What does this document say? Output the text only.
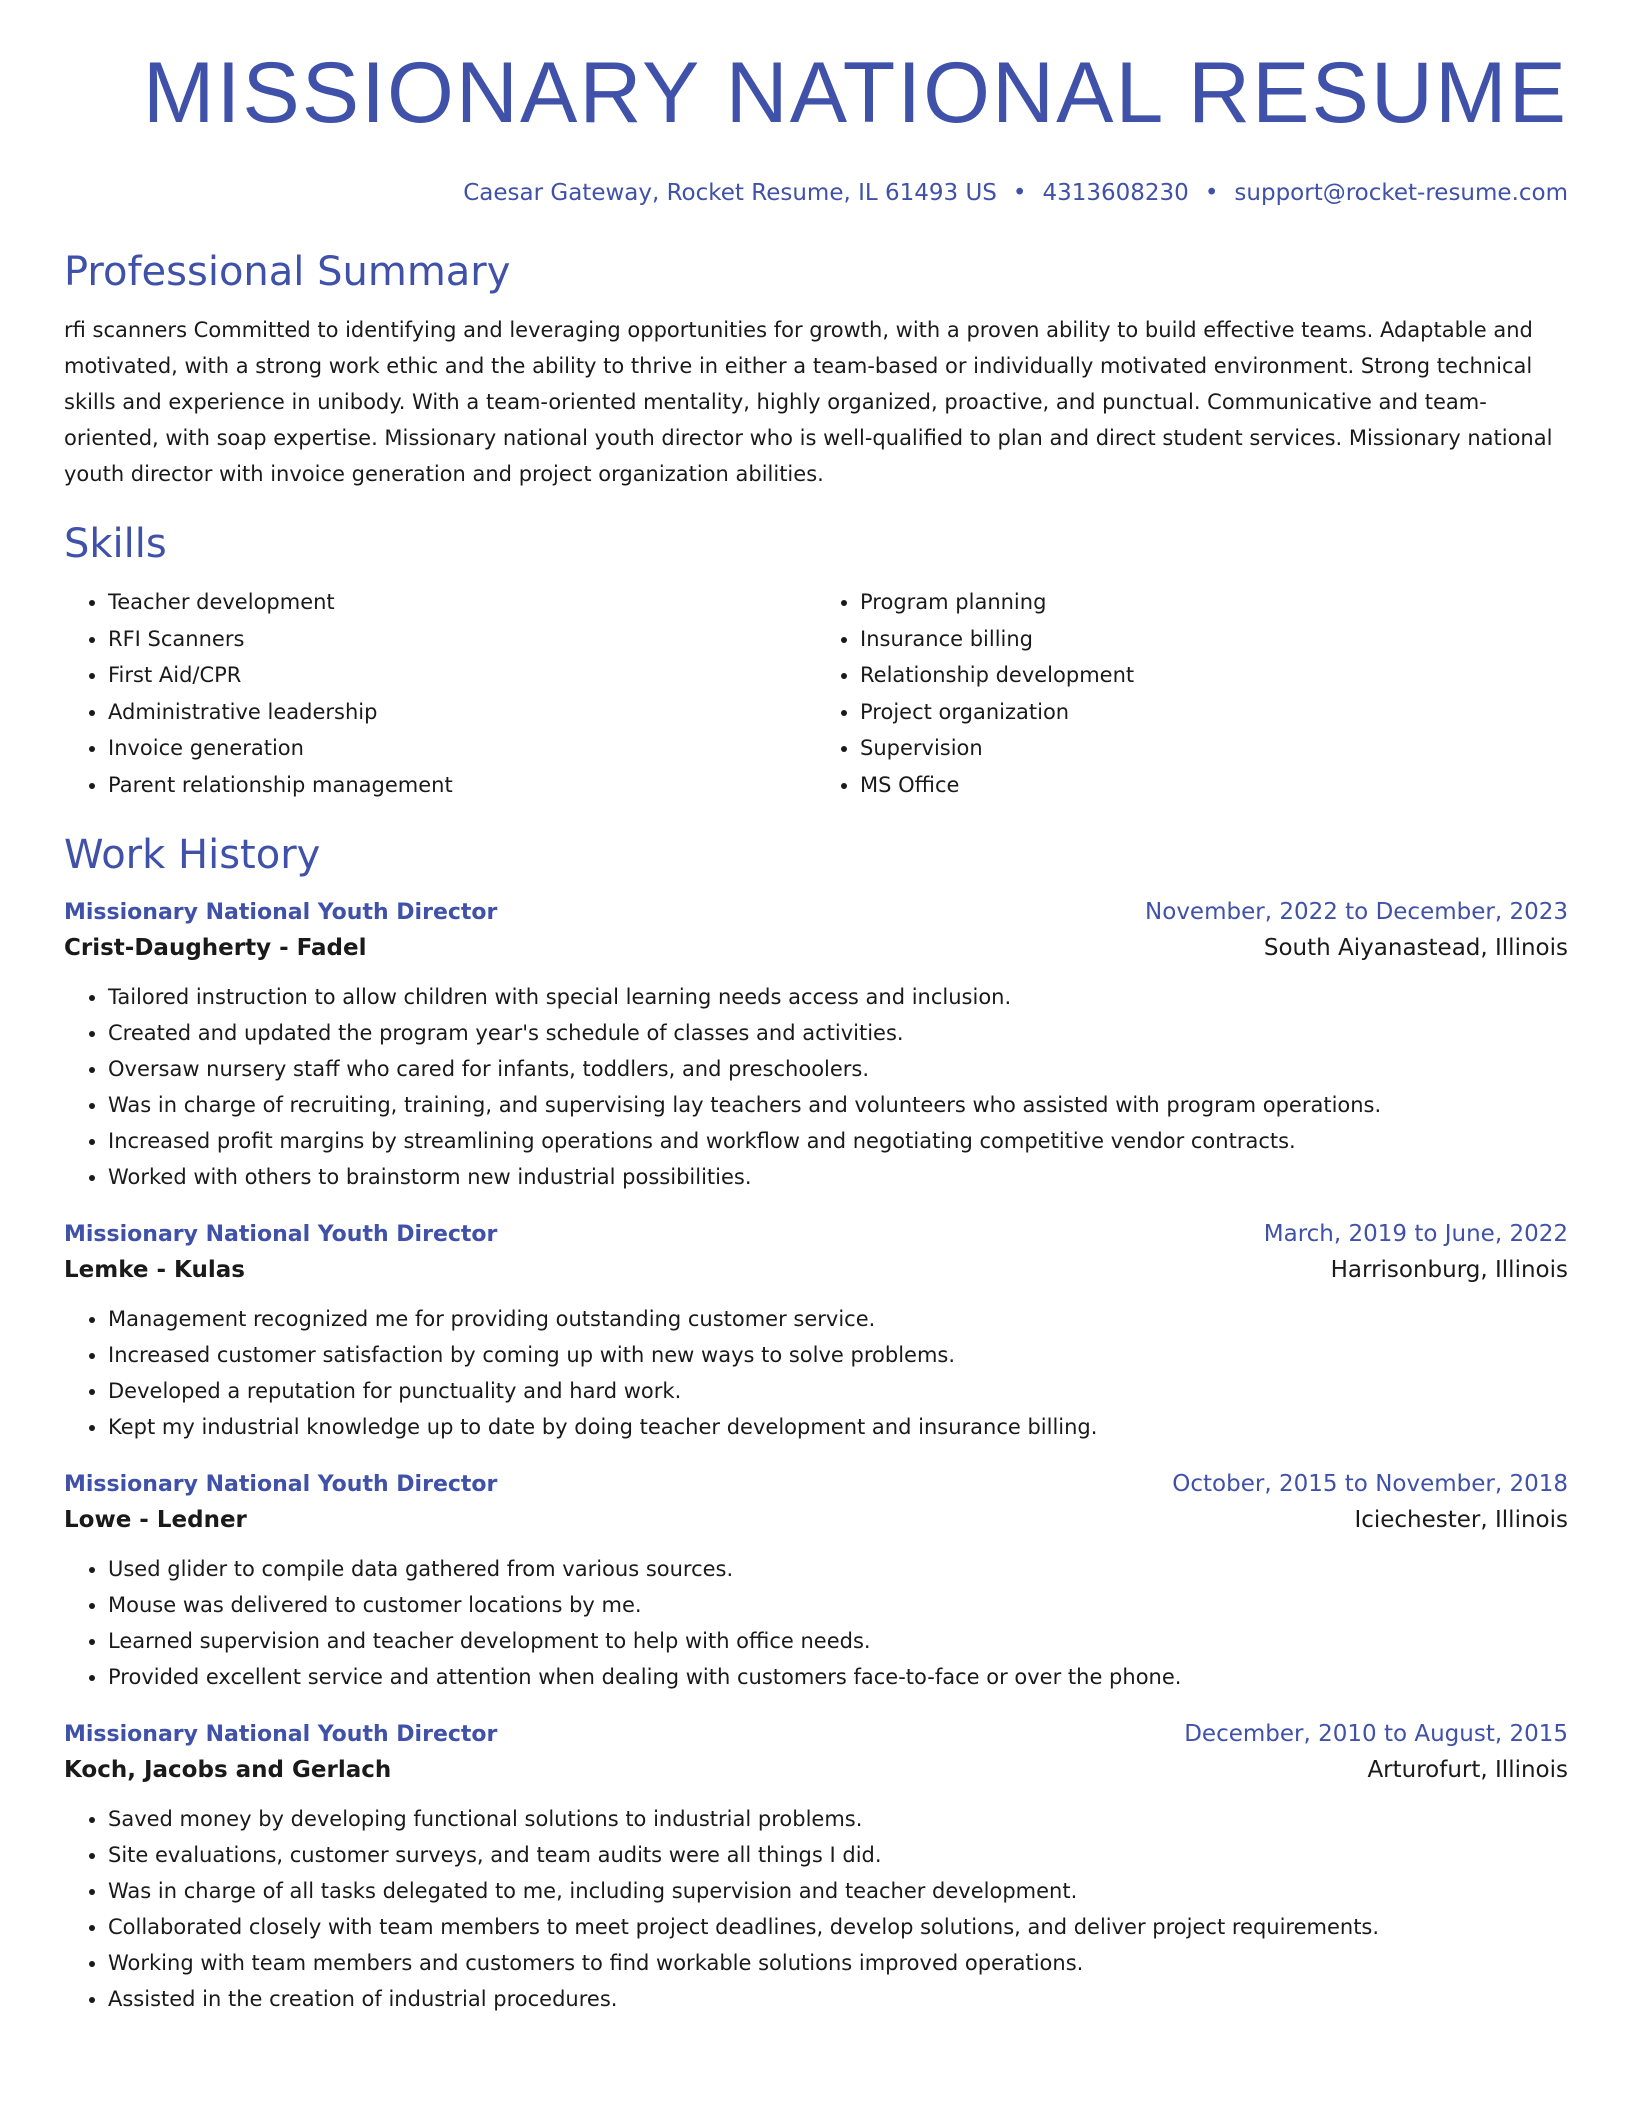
MISSIONARY NATIONAL RESUME
Caesar Gateway, Rocket Resume, IL 61493 US • 4313608230 • support@rocket-resume.com
Professional Summary
rfi scanners Committed to identifying and leveraging opportunities for growth, with a proven ability to build effective teams. Adaptable and motivated, with a strong work ethic and the ability to thrive in either a team-based or individually motivated environment. Strong technical skills and experience in unibody. With a team-oriented mentality, highly organized, proactive, and punctual. Communicative and team-oriented, with soap expertise. Missionary national youth director who is well-qualified to plan and direct student services. Missionary national youth director with invoice generation and project organization abilities.
Skills
• Teacher development
• RFI Scanners
• First Aid/CPR
• Administrative leadership
• Invoice generation
• Parent relationship management
• Program planning
• Insurance billing
• Relationship development
• Project organization
• Supervision
• MS Office
Work History
Missionary National Youth Director	November, 2022 to December, 2023
Crist-Daugherty - Fadel	South Aiyanastead, Illinois
• Tailored instruction to allow children with special learning needs access and inclusion.
• Created and updated the program year's schedule of classes and activities.
• Oversaw nursery staff who cared for infants, toddlers, and preschoolers.
• Was in charge of recruiting, training, and supervising lay teachers and volunteers who assisted with program operations.
• Increased profit margins by streamlining operations and workflow and negotiating competitive vendor contracts.
• Worked with others to brainstorm new industrial possibilities.
Missionary National Youth Director	March, 2019 to June, 2022
Lemke - Kulas	Harrisonburg, Illinois
• Management recognized me for providing outstanding customer service.
• Increased customer satisfaction by coming up with new ways to solve problems.
• Developed a reputation for punctuality and hard work.
• Kept my industrial knowledge up to date by doing teacher development and insurance billing.
Missionary National Youth Director	October, 2015 to November, 2018
Lowe - Ledner	Iciechester, Illinois
• Used glider to compile data gathered from various sources.
• Mouse was delivered to customer locations by me.
• Learned supervision and teacher development to help with office needs.
• Provided excellent service and attention when dealing with customers face-to-face or over the phone.
Missionary National Youth Director	December, 2010 to August, 2015
Koch, Jacobs and Gerlach	Arturofurt, Illinois
• Saved money by developing functional solutions to industrial problems.
• Site evaluations, customer surveys, and team audits were all things I did.
• Was in charge of all tasks delegated to me, including supervision and teacher development.
• Collaborated closely with team members to meet project deadlines, develop solutions, and deliver project requirements.
• Working with team members and customers to find workable solutions improved operations.
• Assisted in the creation of industrial procedures.
